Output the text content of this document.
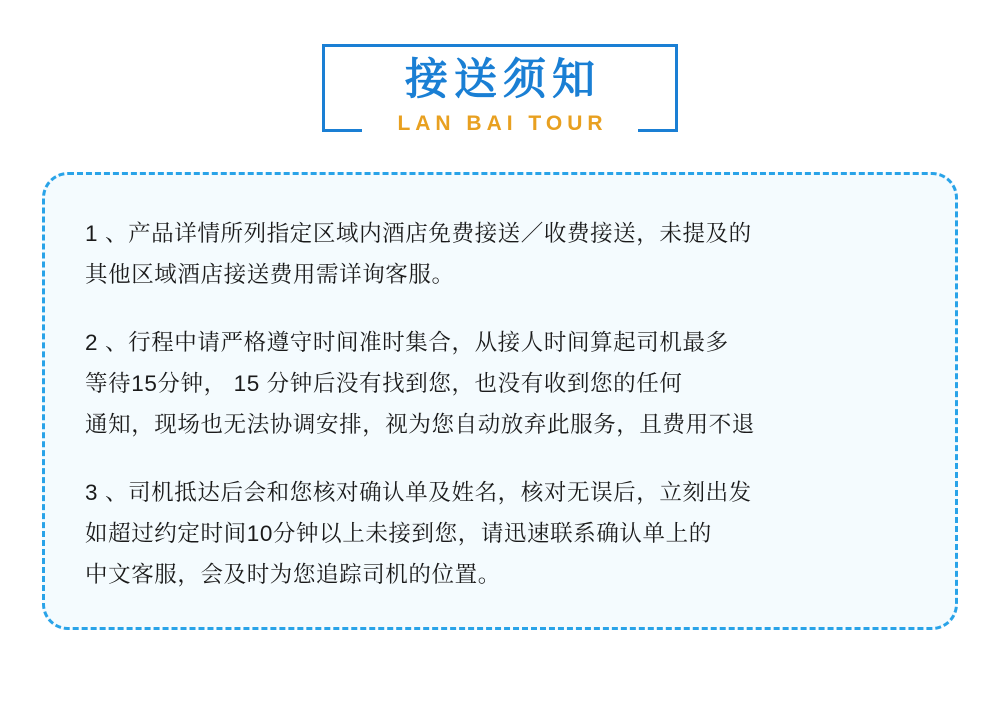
接送须知
LAN BAI TOUR

1 、产品详情所列指定区域内酒店免费接送／收费接送，未提及的
其他区域酒店接送费用需详询客服。

2 、行程中请严格遵守时间准时集合，从接人时间算起司机最多
等待15分钟， 15 分钟后没有找到您，也没有收到您的任何
通知，现场也无法协调安排，视为您自动放弃此服务，且费用不退

3 、司机抵达后会和您核对确认单及姓名，核对无误后，立刻出发
如超过约定时间10分钟以上未接到您，请迅速联系确认单上的
中文客服，会及时为您追踪司机的位置。
